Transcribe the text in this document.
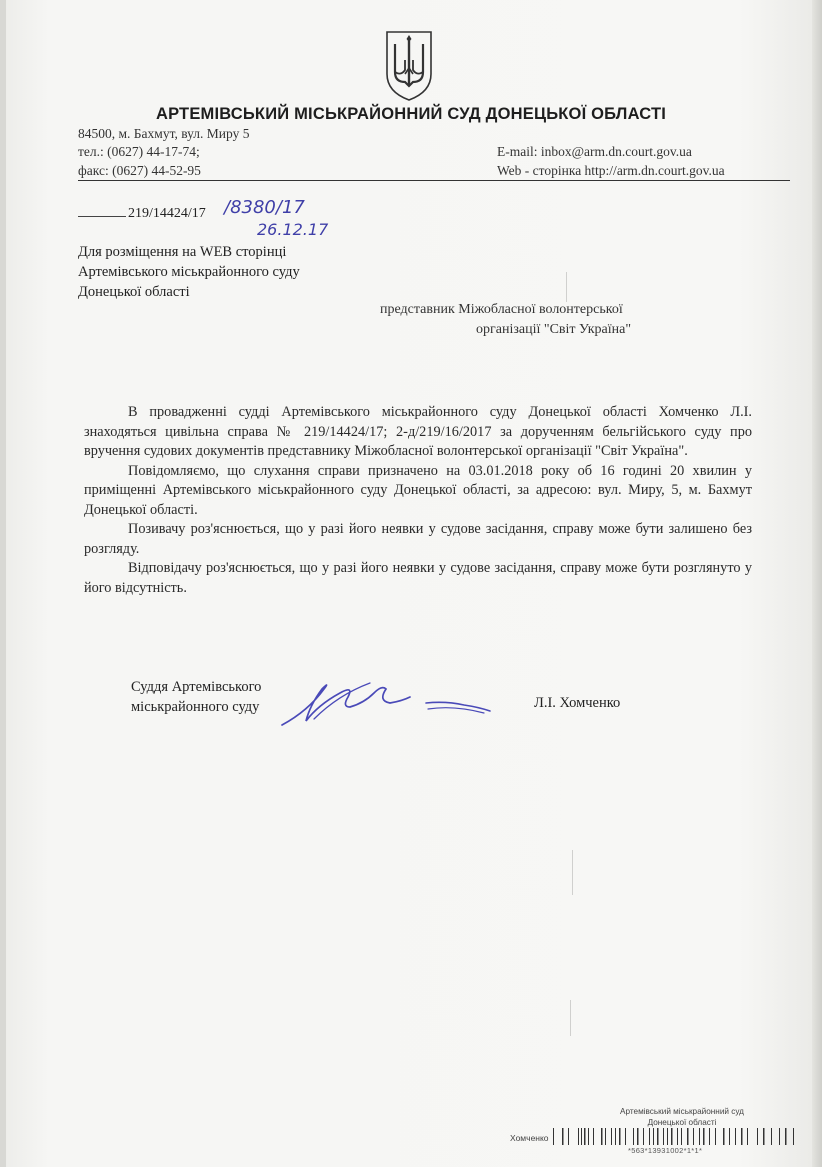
АРТЕМІВСЬКИЙ МІСЬКРАЙОННИЙ СУД ДОНЕЦЬКОЇ ОБЛАСТІ
84500, м. Бахмут, вул. Миру 5
тел.: (0627) 44-17-74;
факс: (0627) 44-52-95
E-mail: inbox@arm.dn.court.gov.ua
Web - сторінка http://arm.dn.court.gov.ua
219/14424/17 /8380/17
26.12.17
Для розміщення на WEB сторінці
Артемівського міськрайонного суду
Донецької області
представник Міжобласної волонтерської
організації "Світ Україна"

В провадженні судді Артемівського міськрайонного суду Донецької області Хомченко Л.І. знаходяться цивільна справа № 219/14424/17; 2-д/219/16/2017 за дорученням бельгійського суду про вручення судових документів представнику Міжобласної волонтерської організації "Світ Україна".

Повідомляємо, що слухання справи призначено на 03.01.2018 року об 16 годині 20 хвилин у приміщенні Артемівського міськрайонного суду Донецької області, за адресою: вул. Миру, 5, м. Бахмут Донецької області.

Позивачу роз'яснюється, що у разі його неявки у судове засідання, справу може бути залишено без розгляду.

Відповідачу роз'яснюється, що у разі його неявки у судове засідання, справу може бути розглянуто у його відсутність.

Суддя Артемівського
міськрайонного суду	Л.І. Хомченко
Артемівський міськрайонний суд
Донецької області
Хомченко
*563*13931002*1*1*
